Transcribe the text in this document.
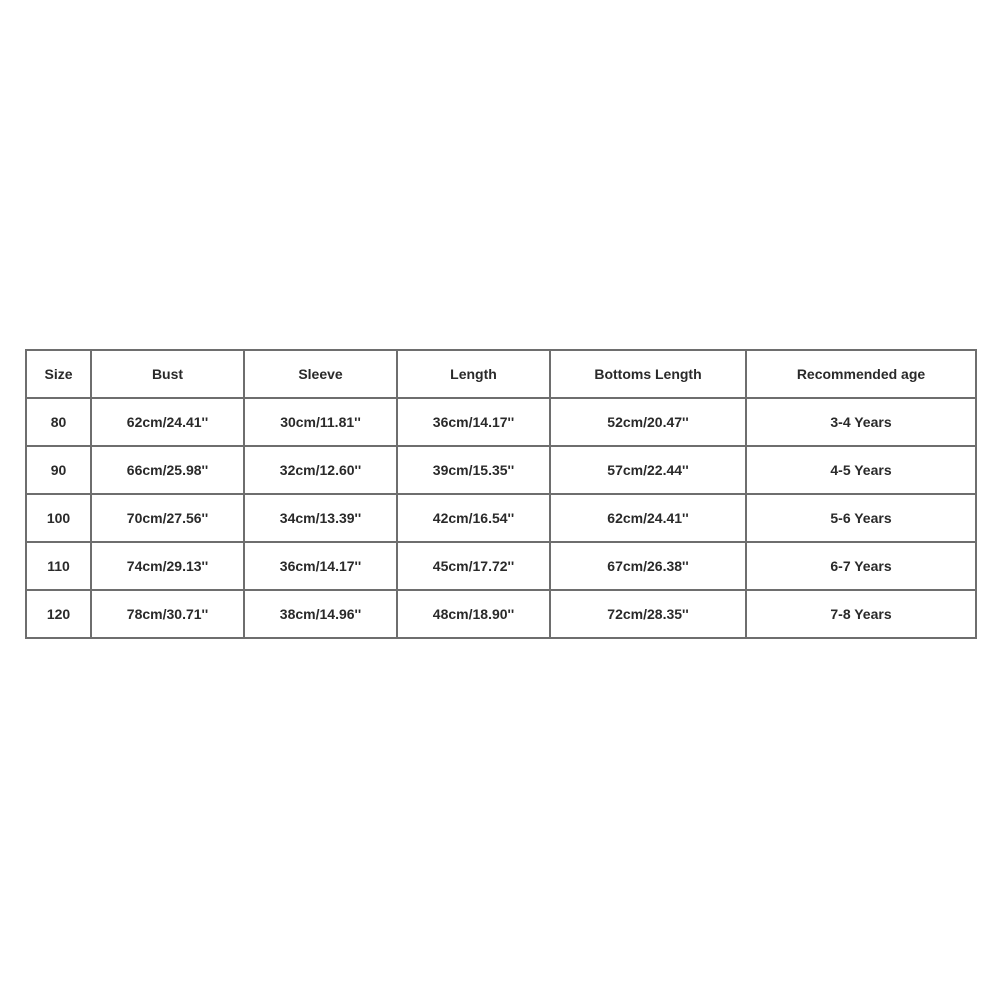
Size	Bust	Sleeve	Length	Bottoms Length	Recommended age
80	62cm/24.41''	30cm/11.81''	36cm/14.17''	52cm/20.47''	3-4 Years
90	66cm/25.98''	32cm/12.60''	39cm/15.35''	57cm/22.44''	4-5 Years
100	70cm/27.56''	34cm/13.39''	42cm/16.54''	62cm/24.41''	5-6 Years
110	74cm/29.13''	36cm/14.17''	45cm/17.72''	67cm/26.38''	6-7 Years
120	78cm/30.71''	38cm/14.96''	48cm/18.90''	72cm/28.35''	7-8 Years
